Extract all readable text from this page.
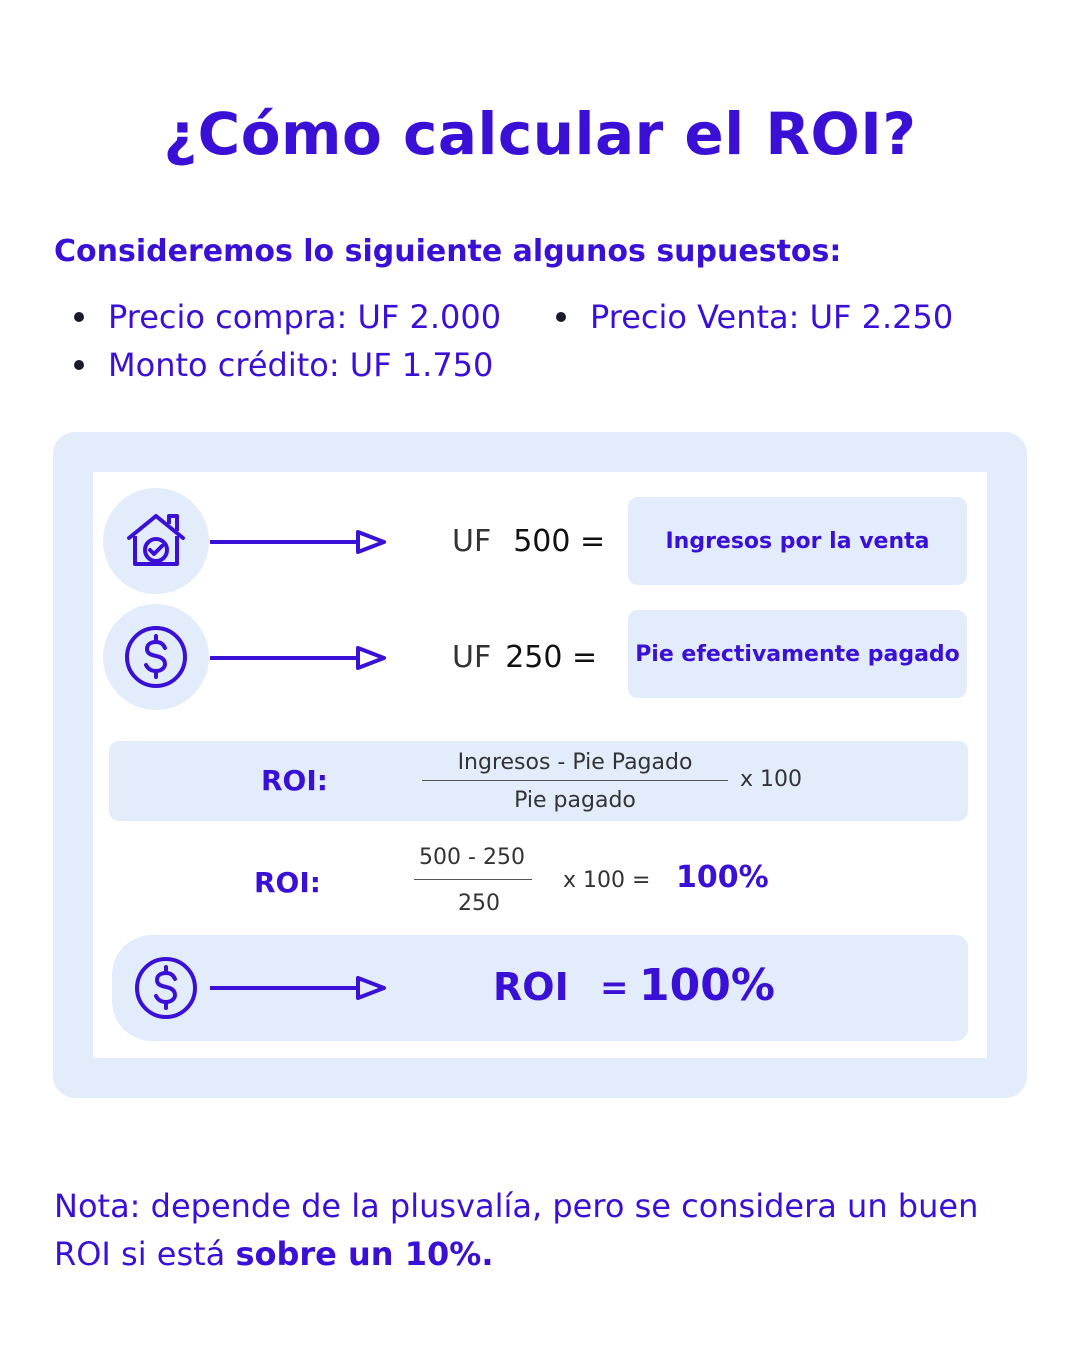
¿Cómo calcular el ROI?
Consideremos lo siguiente algunos supuestos:
Precio compra: UF 2.000	Precio Venta: UF 2.250
Monto crédito: UF 1.750
UF 500 =	Ingresos por la venta
UF 250 =	Pie efectivamente pagado
ROI:
Ingresos - Pie Pagado
Pie pagado
x 100
ROI:
500 - 250
250
x 100 = 100%
ROI = 100%
Nota: depende de la plusvalía, pero se considera un buen ROI si está sobre un 10%.
